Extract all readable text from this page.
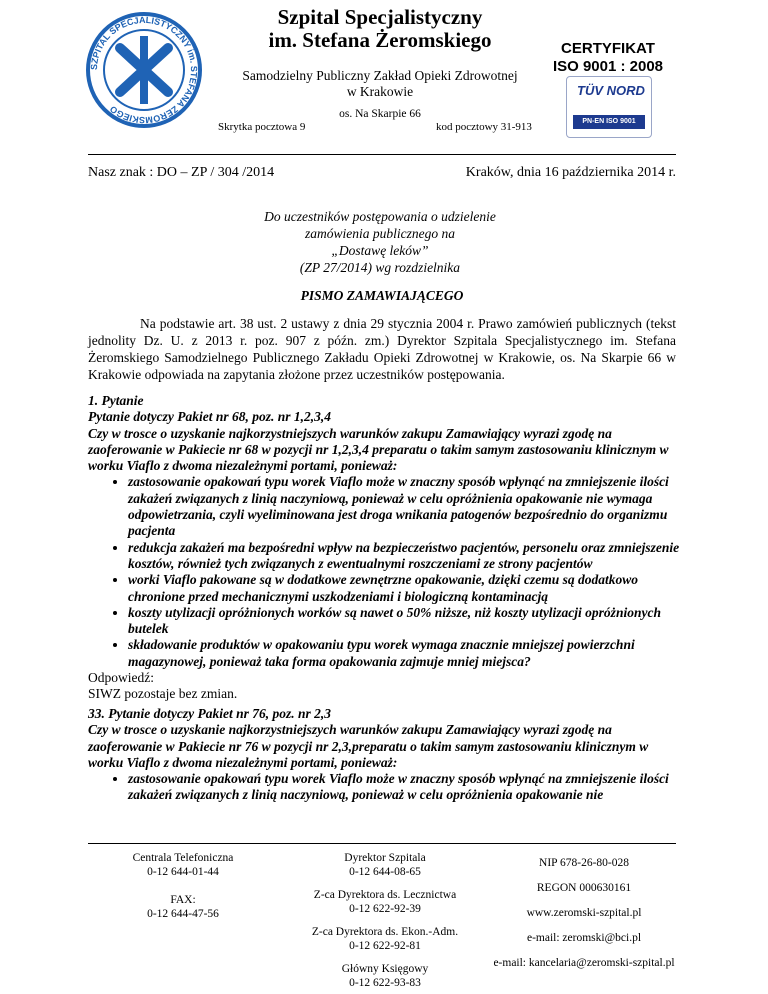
SZPITAL SPECJALISTYCZNY im. STEFANA ŻEROMSKIEGO
Szpital Specjalistyczny
im. Stefana Żeromskiego
Samodzielny Publiczny Zakład Opieki Zdrowotnej
w Krakowie
os. Na Skarpie 66
Skrytka pocztowa 9	kod pocztowy 31-913
CERTYFIKAT
ISO 9001 : 2008
TÜV NORD
PN-EN ISO 9001
Nasz znak : DO – ZP / 304 /2014	Kraków, dnia 16 października 2014 r.
Do uczestników postępowania o udzielenie
zamówienia publicznego na
„Dostawę leków”
(ZP 27/2014) wg rozdzielnika
PISMO ZAMAWIAJĄCEGO
Na podstawie art. 38 ust. 2 ustawy z dnia 29 stycznia 2004 r. Prawo zamówień publicznych (tekst jednolity Dz. U. z 2013 r. poz. 907 z późn. zm.) Dyrektor Szpitala Specjalistycznego im. Stefana Żeromskiego Samodzielnego Publicznego Zakładu Opieki Zdrowotnej w Krakowie, os. Na Skarpie 66 w Krakowie odpowiada na zapytania złożone przez uczestników postępowania.
1. Pytanie
Pytanie dotyczy Pakiet nr 68, poz. nr 1,2,3,4
Czy w trosce o uzyskanie najkorzystniejszych warunków zakupu Zamawiający wyrazi zgodę na zaoferowanie w Pakiecie nr 68 w pozycji nr 1,2,3,4 preparatu o takim samym zastosowaniu klinicznym w worku Viaflo z dwoma niezależnymi portami, ponieważ:
• zastosowanie opakowań typu worek Viaflo może w znaczny sposób wpłynąć na zmniejszenie ilości zakażeń związanych z linią naczyniową, ponieważ w celu opróżnienia opakowanie nie wymaga odpowietrzania, czyli wyeliminowana jest droga wnikania patogenów bezpośrednio do organizmu pacjenta
• redukcja zakażeń ma bezpośredni wpływ na bezpieczeństwo pacjentów, personelu oraz zmniejszenie kosztów, również tych związanych z ewentualnymi roszczeniami ze strony pacjentów
• worki Viaflo pakowane są w dodatkowe zewnętrzne opakowanie, dzięki czemu są dodatkowo chronione przed mechanicznymi uszkodzeniami i biologiczną kontaminacją
• koszty utylizacji opróżnionych worków są nawet o 50% niższe, niż koszty utylizacji opróżnionych butelek
• składowanie produktów w opakowaniu typu worek wymaga znacznie mniejszej powierzchni magazynowej, ponieważ taka forma opakowania zajmuje mniej miejsca?
Odpowiedź:
SIWZ pozostaje bez zmian.
33. Pytanie dotyczy Pakiet nr 76, poz. nr 2,3
Czy w trosce o uzyskanie najkorzystniejszych warunków zakupu Zamawiający wyrazi zgodę na zaoferowanie w Pakiecie nr 76 w pozycji nr 2,3,preparatu o takim samym zastosowaniu klinicznym w worku Viaflo z dwoma niezależnymi portami, ponieważ:
• zastosowanie opakowań typu worek Viaflo może w znaczny sposób wpłynąć na zmniejszenie ilości zakażeń związanych z linią naczyniową, ponieważ w celu opróżnienia opakowanie nie
Centrala Telefoniczna
0-12 644-01-44
FAX:
0-12 644-47-56
Dyrektor Szpitala
0-12 644-08-65
Z-ca Dyrektora ds. Lecznictwa
0-12 622-92-39
Z-ca Dyrektora ds. Ekon.-Adm.
0-12 622-92-81
Główny Księgowy
0-12 622-93-83
NIP 678-26-80-028
REGON 000630161
www.zeromski-szpital.pl
e-mail: zeromski@bci.pl
e-mail: kancelaria@zeromski-szpital.pl
